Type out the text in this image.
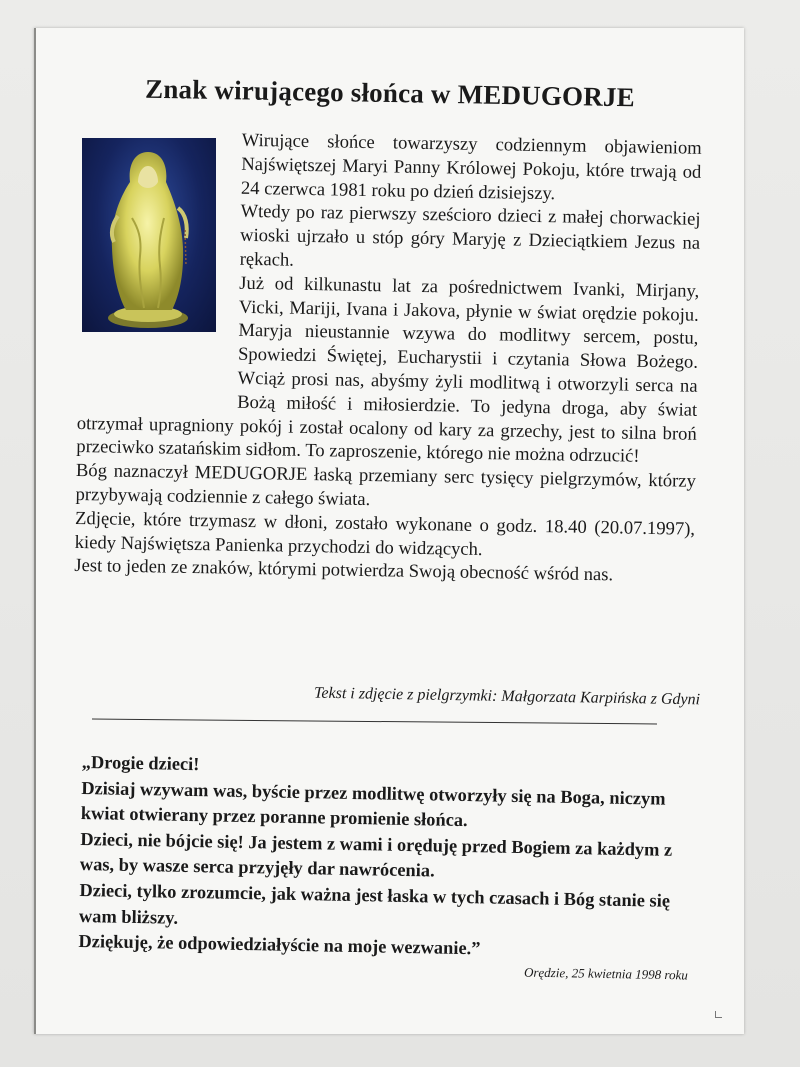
Znak wirującego słońca w MEDUGORJE

Wirujące słońce towarzyszy codziennym objawieniom Najświętszej Maryi Panny Królowej Pokoju, które trwają od 24 czerwca 1981 roku po dzień dzisiejszy.

Wtedy po raz pierwszy sześcioro dzieci z małej chorwackiej wioski ujrzało u stóp góry Maryję z Dzieciątkiem Jezus na rękach.

Już od kilkunastu lat za pośrednictwem Ivanki, Mirjany, Vicki, Mariji, Ivana i Jakova, płynie w świat orędzie pokoju. Maryja nieustannie wzywa do modlitwy sercem, postu, Spowiedzi Świętej, Eucharystii i czytania Słowa Bożego. Wciąż prosi nas, abyśmy żyli modlitwą i otworzyli serca na Bożą miłość i miłosierdzie. To jedyna droga, aby świat otrzymał upragniony pokój i został ocalony od kary za grzechy, jest to silna broń przeciwko szatańskim sidłom. To zaproszenie, którego nie można odrzucić!

Bóg naznaczył MEDUGORJE łaską przemiany serc tysięcy pielgrzymów, którzy przybywają codziennie z całego świata.

Zdjęcie, które trzymasz w dłoni, zostało wykonane o godz. 18.40 (20.07.1997), kiedy Najświętsza Panienka przychodzi do widzących.

Jest to jeden ze znaków, którymi potwierdza Swoją obecność wśród nas.

Tekst i zdjęcie z pielgrzymki: Małgorzata Karpińska z Gdyni

„Drogie dzieci!

Dzisiaj wzywam was, byście przez modlitwę otworzyły się na Boga, niczym kwiat otwierany przez poranne promienie słońca.

Dzieci, nie bójcie się! Ja jestem z wami i oręduję przed Bogiem za każdym z was, by wasze serca przyjęły dar nawrócenia.

Dzieci, tylko zrozumcie, jak ważna jest łaska w tych czasach i Bóg stanie się wam bliższy.

Dziękuję, że odpowiedziałyście na moje wezwanie.”

Orędzie, 25 kwietnia 1998 roku
